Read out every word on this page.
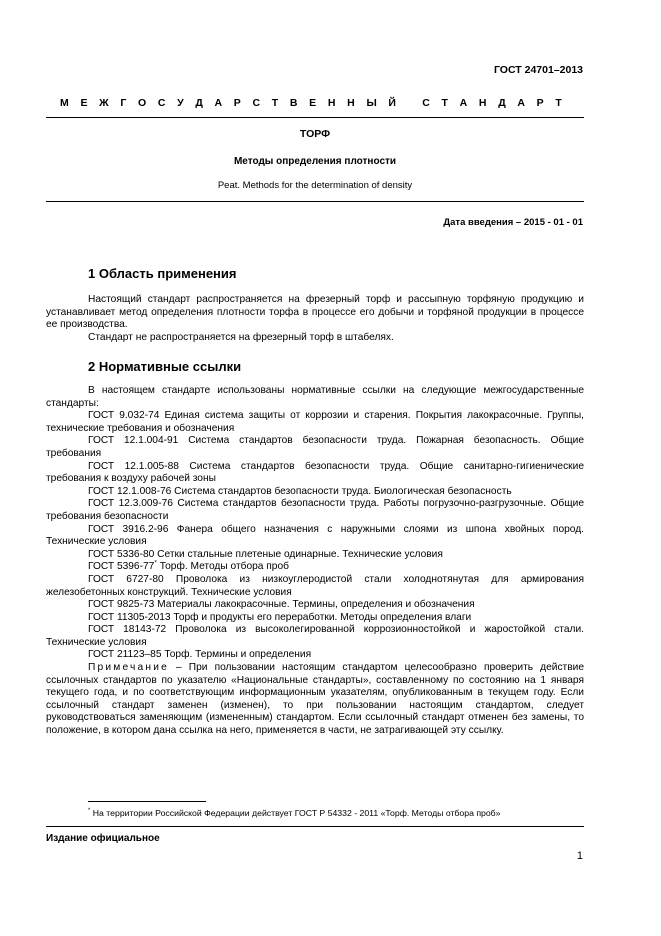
ГОСТ 24701–2013
М Е Ж Г О С У Д А Р С Т В Е Н Н Ы Й
	С Т А Н Д А Р Т
ТОРФ
Методы определения плотности
Peat. Methods for the determination of density
Дата введения – 2015 - 01 - 01
1 Область применения

Настоящий стандарт распространяется на фрезерный торф и рассыпную торфяную продукцию и устанавливает метод определения плотности торфа в процессе его добычи и торфяной продукции в процессе ее производства.

Стандарт не распространяется на фрезерный торф в штабелях.

2 Нормативные ссылки

В настоящем стандарте использованы нормативные ссылки на следующие межгосударственные стандарты:

ГОСТ 9.032-74 Единая система защиты от коррозии и старения. Покрытия лакокрасочные. Группы, технические требования и обозначения

ГОСТ 12.1.004-91 Система стандартов безопасности труда. Пожарная безопасность. Общие требования

ГОСТ 12.1.005-88 Система стандартов безопасности труда. Общие санитарно-гигиенические требования к воздуху рабочей зоны

ГОСТ 12.1.008-76 Система стандартов безопасности труда. Биологическая безопасность

ГОСТ 12.3.009-76 Система стандартов безопасности труда. Работы погрузочно-разгрузочные. Общие требования безопасности

ГОСТ 3916.2-96 Фанера общего назначения с наружными слоями из шпона хвойных пород. Технические условия

ГОСТ 5336-80 Сетки стальные плетеные одинарные. Технические условия

ГОСТ 5396-77* Торф. Методы отбора проб

ГОСТ 6727-80 Проволока из низкоуглеродистой стали холоднотянутая для армирования железобетонных конструкций. Технические условия

ГОСТ 9825-73 Материалы лакокрасочные. Термины, определения и обозначения

ГОСТ 11305-2013 Торф и продукты его переработки. Методы определения влаги

ГОСТ 18143-72 Проволока из высоколегированной коррозионностойкой и жаростойкой стали. Технические условия

ГОСТ 21123–85 Торф. Термины и определения

Примечание – При пользовании настоящим стандартом целесообразно проверить действие ссылочных стандартов по указателю «Национальные стандарты», составленному по состоянию на 1 января текущего года, и по соответствующим информационным указателям, опубликованным в текущем году. Если ссылочный стандарт заменен (изменен), то при пользовании настоящим стандартом, следует руководствоваться заменяющим (измененным) стандартом. Если ссылочный стандарт отменен без замены, то положение, в котором дана ссылка на него, применяется в части, не затрагивающей эту ссылку.

* На территории Российской Федерации действует ГОСТ Р 54332 - 2011 «Торф. Методы отбора проб»
Издание официальное
1
